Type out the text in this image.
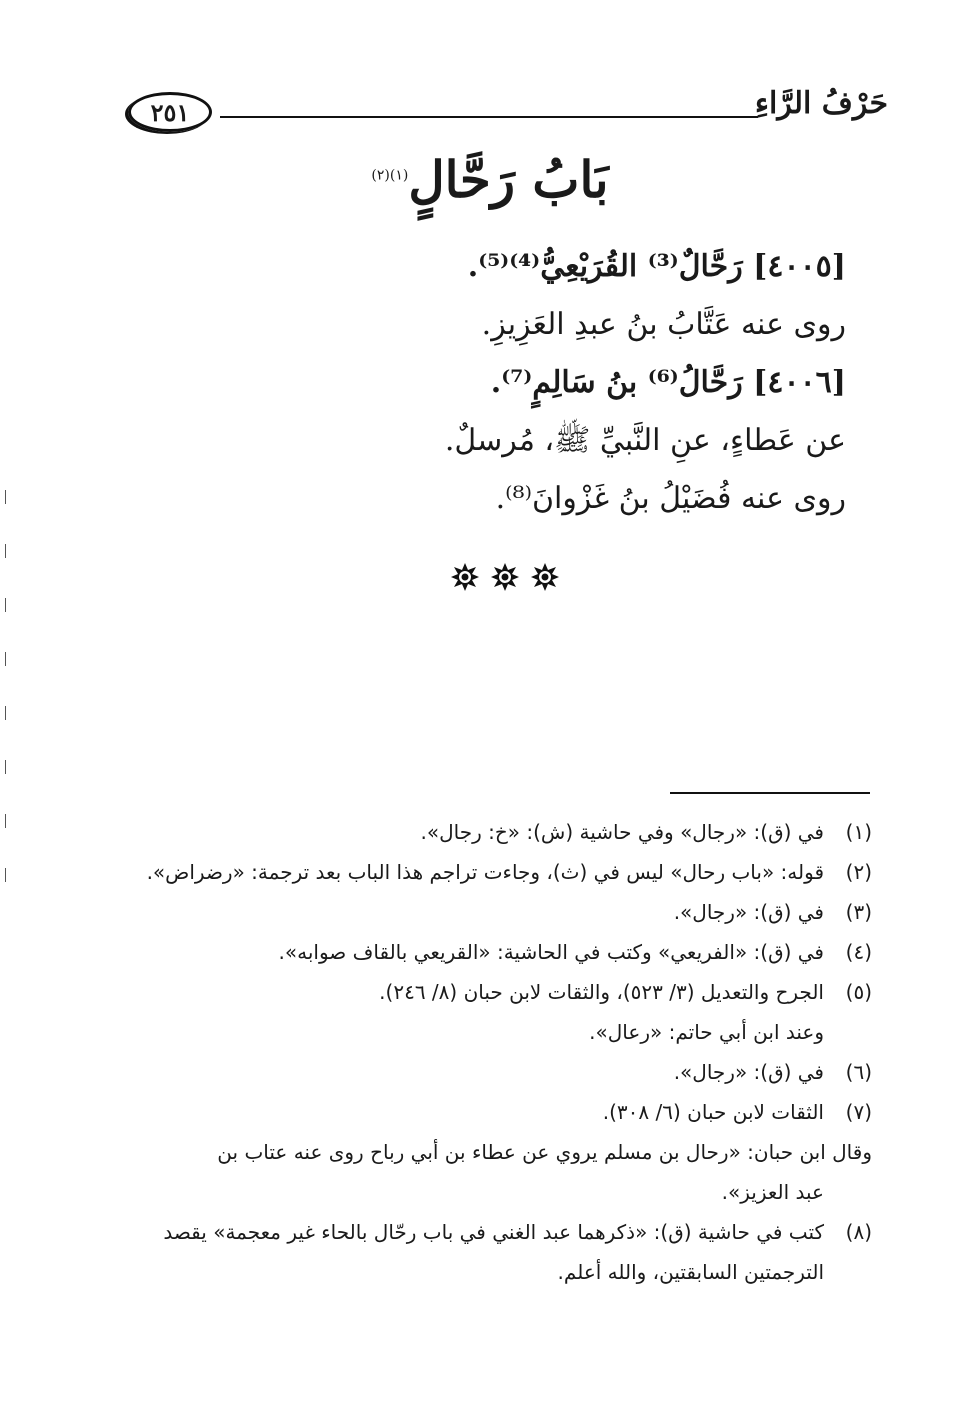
٢٥١	حَرْفُ الرَّاءِ
بَابُ رَحَّالٍ$^{(١)(٢)}$
[٤٠٠٥] رَحَّالٌ⁽³⁾ القُرَيْعِيُّ⁽⁴⁾⁽⁵⁾.
روى عنه عَتَّابُ بنُ عبدِ العَزِيزِ.
[٤٠٠٦] رَحَّالُ⁽⁶⁾ بنُ سَالِمٍ⁽⁷⁾.
عن عَطاءٍ، عنِ النَّبيِّ ﷺ، مُرسلٌ.
روى عنه فُضَيْلُ بنُ غَزْوانَ⁽⁸⁾.
(١)
في (ق): «رجال» وفي حاشية (ش): «خ: رجال».
(٢)
قوله: «باب رحال» ليس في (ث)، وجاءت تراجم هذا الباب بعد ترجمة: «رضراض».
(٣)
في (ق): «رجال».
(٤)
في (ق): «الفريعي» وكتب في الحاشية: «القريعي بالقاف صوابه».
(٥)
الجرح والتعديل (٣/ ٥٢٣)، والثقات لابن حبان (٨/ ٢٤٦).
وعند ابن أبي حاتم: «رعال».
(٦)
في (ق): «رجال».
(٧)
الثقات لابن حبان (٦/ ٣٠٨).
وقال ابن حبان: «رحال بن مسلم يروي عن عطاء بن أبي رباح روى عنه عتاب بن
عبد العزيز».
(٨)
كتب في حاشية (ق): «ذكرهما عبد الغني في باب رحّال بالحاء غير معجمة» يقصد
الترجمتين السابقتين، والله أعلم.
